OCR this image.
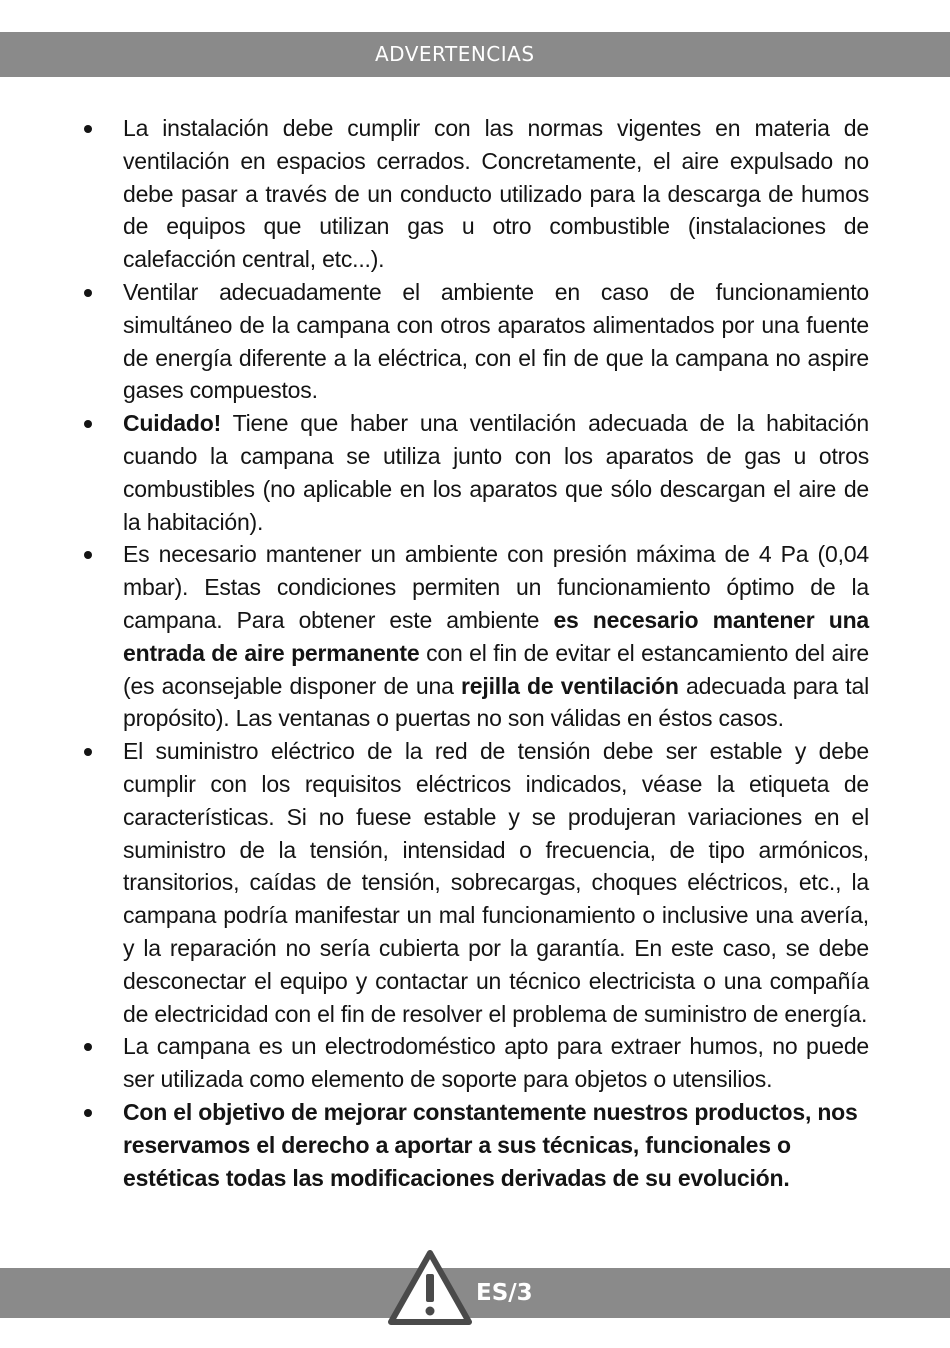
ADVERTENCIAS
La instalación debe cumplir con las normas vigentes en materia de ventilación en espacios cerrados. Concretamente, el aire expulsado no debe pasar a través de un conducto utilizado para la descarga de humos de equipos que utilizan gas u otro combustible (instalaciones de calefacción central, etc...).
Ventilar adecuadamente el ambiente en caso de funcionamiento simultáneo de la campana con otros aparatos alimentados por una fuente de energía diferente a la eléctrica, con el fin de que la campana no aspire gases compuestos.
Cuidado! Tiene que haber una ventilación adecuada de la habitación cuando la campana se utiliza junto con los aparatos de gas u otros combustibles (no aplicable en los aparatos que sólo descargan el aire de la habitación).
Es necesario mantener un ambiente con presión máxima de 4 Pa (0,04 mbar). Estas condiciones permiten un funcionamiento óptimo de la campana. Para obtener este ambiente es necesario mantener una entrada de aire permanente con el fin de evitar el estancamiento del aire (es aconsejable disponer de una rejilla de ventilación adecuada para tal propósito). Las ventanas o puertas no son válidas en éstos casos.
El suministro eléctrico de la red de tensión debe ser estable y debe cumplir con los requisitos eléctricos indicados, véase la etiqueta de características. Si no fuese estable y se produjeran variaciones en el suministro de la tensión, intensidad o frecuencia, de tipo armónicos, transitorios, caídas de tensión, sobrecargas, choques eléctricos, etc., la campana podría manifestar un mal funcionamiento o inclusive una avería, y la reparación no sería cubierta por la garantía. En este caso, se debe desconectar el equipo y contactar un técnico electricista o una compañía de electricidad con el fin de resolver el problema de suministro de energía.
La campana es un electrodoméstico apto para extraer humos, no puede ser utilizada como elemento de soporte para objetos o utensilios.
Con el objetivo de mejorar constantemente nuestros productos, nos reservamos el derecho a aportar a sus técnicas, funcionales o estéticas todas las modificaciones derivadas de su evolución.
ES/3
